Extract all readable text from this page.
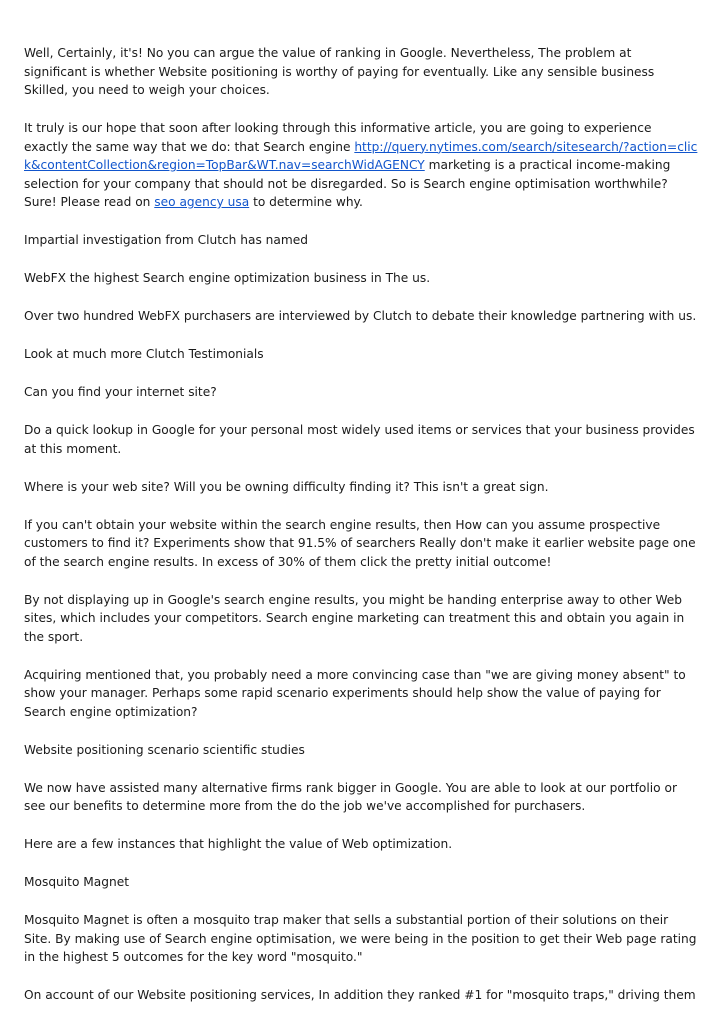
Well, Certainly, it's! No you can argue the value of ranking in Google. Nevertheless, The problem at significant is whether Website positioning is worthy of paying for eventually. Like any sensible business Skilled, you need to weigh your choices.

It truly is our hope that soon after looking through this informative article, you are going to experience exactly the same way that we do: that Search engine http://query.nytimes.com/search/sitesearch/?action=click&contentCollection&region=TopBar&WT.nav=searchWidAGENCY marketing is a practical income-making selection for your company that should not be disregarded. So is Search engine optimisation worthwhile? Sure! Please read on seo agency usa to determine why.

Impartial investigation from Clutch has named

WebFX the highest Search engine optimization business in The us.

Over two hundred WebFX purchasers are interviewed by Clutch to debate their knowledge partnering with us.

Look at much more Clutch Testimonials

Can you find your internet site?

Do a quick lookup in Google for your personal most widely used items or services that your business provides at this moment.

Where is your web site? Will you be owning difficulty finding it? This isn't a great sign.

If you can't obtain your website within the search engine results, then How can you assume prospective customers to find it? Experiments show that 91.5% of searchers Really don't make it earlier website page one of the search engine results. In excess of 30% of them click the pretty initial outcome!

By not displaying up in Google's search engine results, you might be handing enterprise away to other Web sites, which includes your competitors. Search engine marketing can treatment this and obtain you again in the sport.

Acquiring mentioned that, you probably need a more convincing case than "we are giving money absent" to show your manager. Perhaps some rapid scenario experiments should help show the value of paying for Search engine optimization?

Website positioning scenario scientific studies

We now have assisted many alternative firms rank bigger in Google. You are able to look at our portfolio or see our benefits to determine more from the do the job we've accomplished for purchasers.

Here are a few instances that highlight the value of Web optimization.

Mosquito Magnet

Mosquito Magnet is often a mosquito trap maker that sells a substantial portion of their solutions on their Site. By making use of Search engine optimisation, we were being in the position to get their Web page rating in the highest 5 outcomes for the key word "mosquito."

On account of our Website positioning services, In addition they ranked #1 for "mosquito traps," driving them
